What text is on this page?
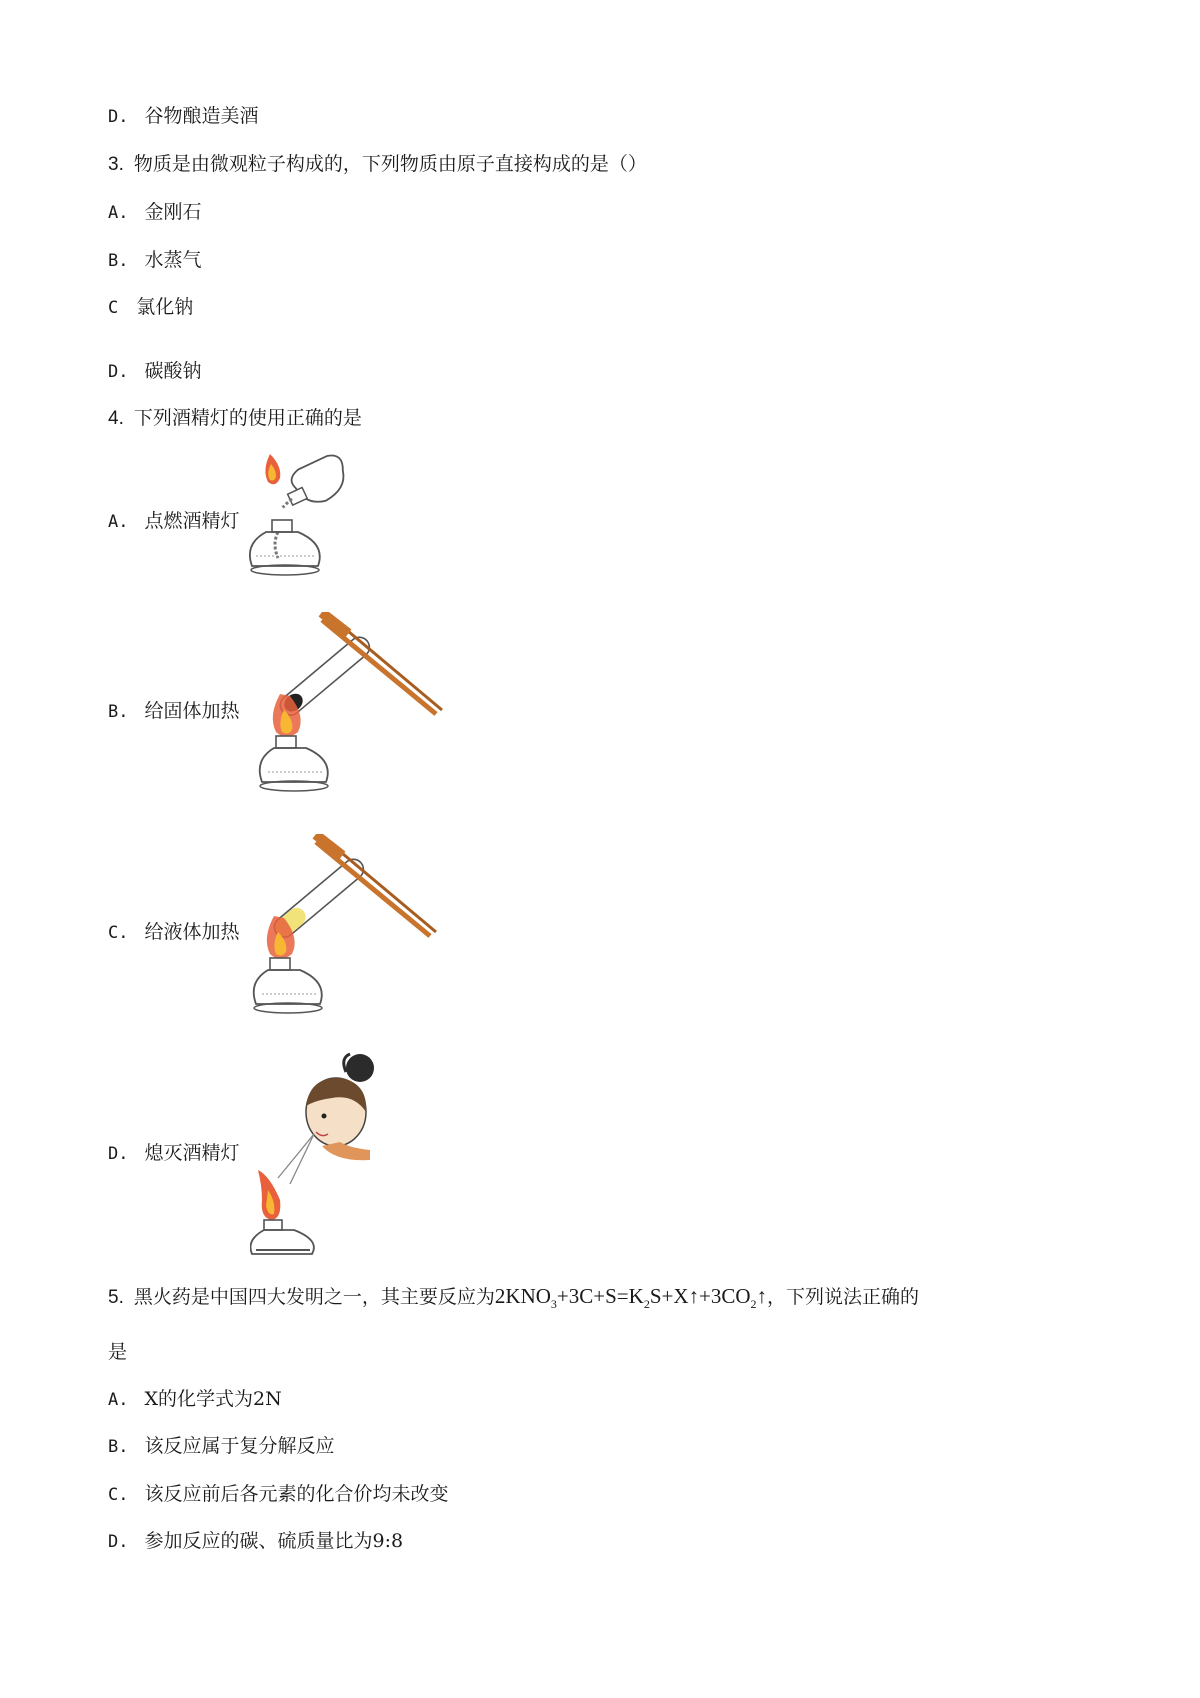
D. 谷物酿造美酒
3. 物质是由微观粒子构成的，下列物质由原子直接构成的是（）
A. 金刚石
B. 水蒸气
C 氯化钠
D. 碳酸钠
4. 下列酒精灯的使用正确的是
A. 点燃酒精灯
B. 给固体加热
C. 给液体加热
D. 熄灭酒精灯
5. 黑火药是中国四大发明之一，其主要反应为$2KNO_3+3C+S=K_2S+X↑+3CO_2↑$，下列说法正确的
是
A. X的化学式为2N
B. 该反应属于复分解反应
C. 该反应前后各元素的化合价均未改变
D. 参加反应的碳、硫质量比为9:8
